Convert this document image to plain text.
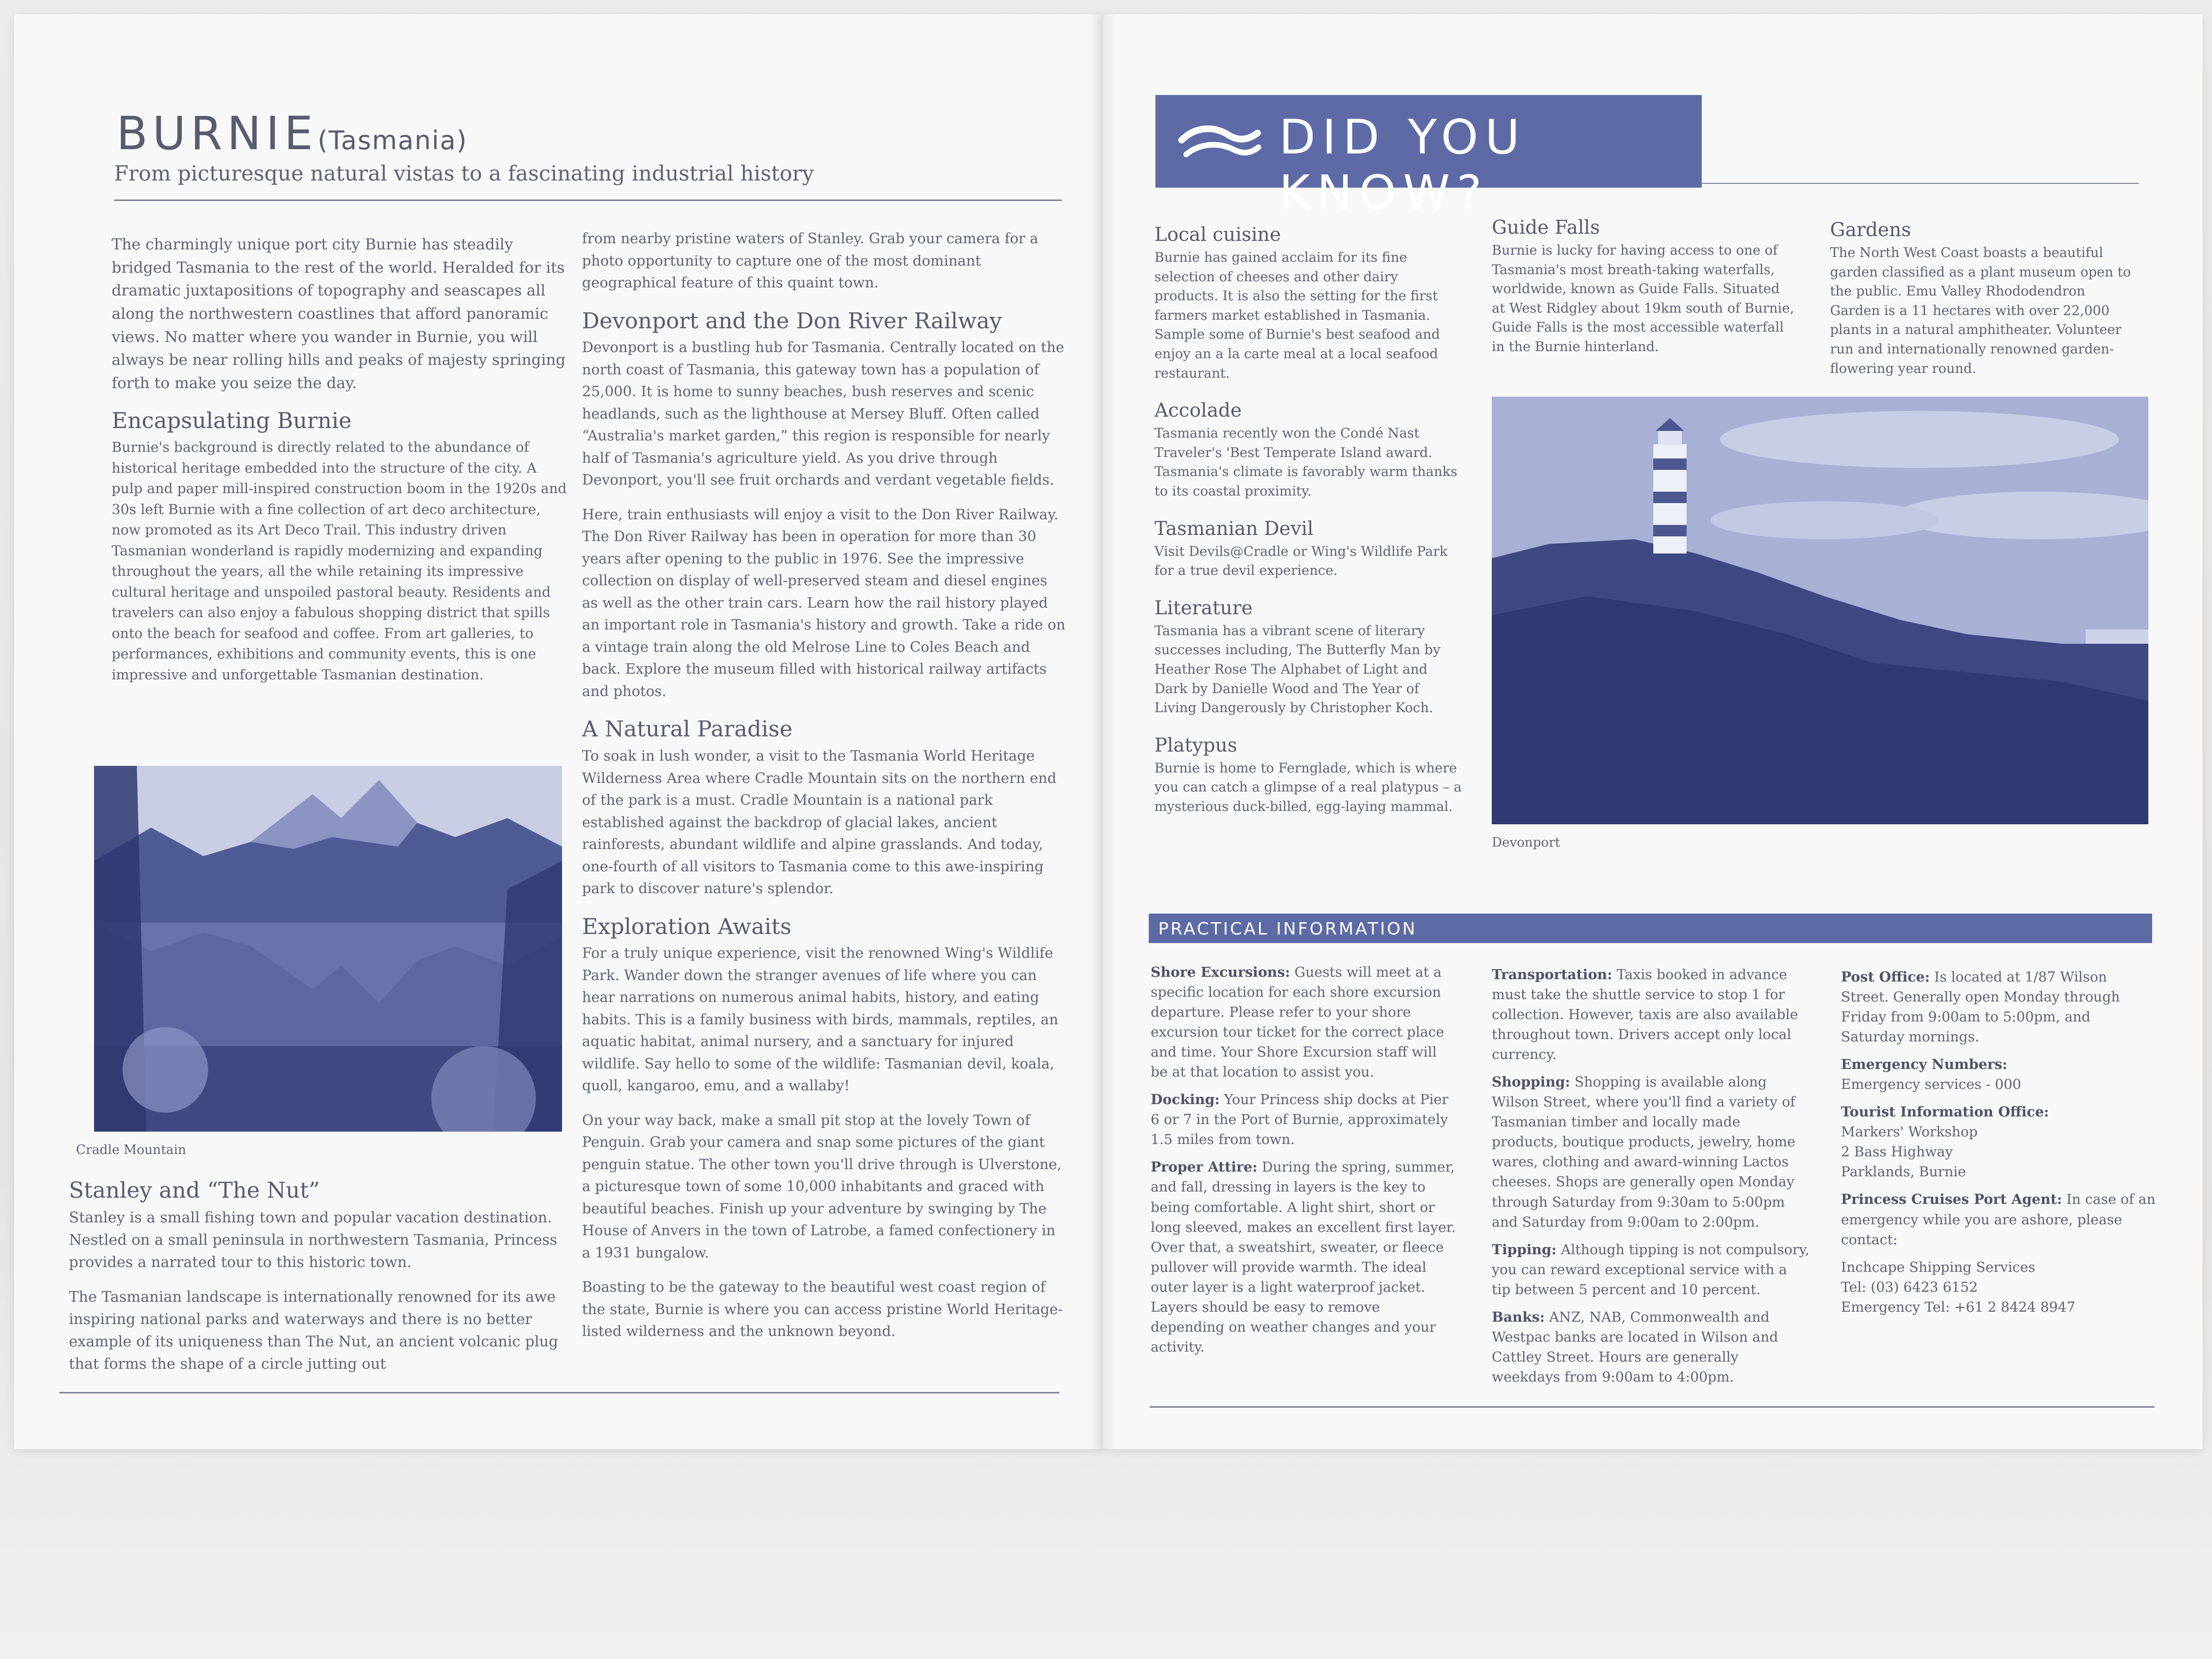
BURNIE(Tasmania)
From picturesque natural vistas to a fascinating industrial history

The charmingly unique port city Burnie has steadily bridged Tasmania to the rest of the world. Heralded for its dramatic juxtapositions of topography and seascapes all along the northwestern coastlines that afford panoramic views. No matter where you wander in Burnie, you will always be near rolling hills and peaks of majesty springing forth to make you seize the day.

Encapsulating Burnie

Burnie's background is directly related to the abundance of historical heritage embedded into the structure of the city. A pulp and paper mill-inspired construction boom in the 1920s and 30s left Burnie with a fine collection of art deco architecture, now promoted as its Art Deco Trail. This industry driven Tasmanian wonderland is rapidly modernizing and expanding throughout the years, all the while retaining its impressive cultural heritage and unspoiled pastoral beauty. Residents and travelers can also enjoy a fabulous shopping district that spills onto the beach for seafood and coffee. From art galleries, to performances, exhibitions and community events, this is one impressive and unforgettable Tasmanian destination.

Cradle Mountain
Stanley and “The Nut”

Stanley is a small fishing town and popular vacation destination. Nestled on a small peninsula in northwestern Tasmania, Princess provides a narrated tour to this historic town.

The Tasmanian landscape is internationally renowned for its awe inspiring national parks and waterways and there is no better example of its uniqueness than The Nut, an ancient volcanic plug that forms the shape of a circle jutting out

from nearby pristine waters of Stanley. Grab your camera for a photo opportunity to capture one of the most dominant geographical feature of this quaint town.

Devonport and the Don River Railway

Devonport is a bustling hub for Tasmania. Centrally located on the north coast of Tasmania, this gateway town has a population of 25,000. It is home to sunny beaches, bush reserves and scenic headlands, such as the lighthouse at Mersey Bluff. Often called “Australia's market garden,” this region is responsible for nearly half of Tasmania's agriculture yield. As you drive through Devonport, you'll see fruit orchards and verdant vegetable fields.

Here, train enthusiasts will enjoy a visit to the Don River Railway. The Don River Railway has been in operation for more than 30 years after opening to the public in 1976. See the impressive collection on display of well-preserved steam and diesel engines as well as the other train cars. Learn how the rail history played an important role in Tasmania's history and growth. Take a ride on a vintage train along the old Melrose Line to Coles Beach and back. Explore the museum filled with historical railway artifacts and photos.

A Natural Paradise

To soak in lush wonder, a visit to the Tasmania World Heritage Wilderness Area where Cradle Mountain sits on the northern end of the park is a must. Cradle Mountain is a national park established against the backdrop of glacial lakes, ancient rainforests, abundant wildlife and alpine grasslands. And today, one-fourth of all visitors to Tasmania come to this awe-inspiring park to discover nature's splendor.

Exploration Awaits

For a truly unique experience, visit the renowned Wing's Wildlife Park. Wander down the stranger avenues of life where you can hear narrations on numerous animal habits, history, and eating habits. This is a family business with birds, mammals, reptiles, an aquatic habitat, animal nursery, and a sanctuary for injured wildlife. Say hello to some of the wildlife: Tasmanian devil, koala, quoll, kangaroo, emu, and a wallaby!

On your way back, make a small pit stop at the lovely Town of Penguin. Grab your camera and snap some pictures of the giant penguin statue. The other town you'll drive through is Ulverstone, a picturesque town of some 10,000 inhabitants and graced with beautiful beaches. Finish up your adventure by swinging by The House of Anvers in the town of Latrobe, a famed confectionery in a 1931 bungalow.

Boasting to be the gateway to the beautiful west coast region of the state, Burnie is where you can access pristine World Heritage-listed wilderness and the unknown beyond.

DID YOU KNOW?
Local cuisine
Burnie has gained acclaim for its fine selection of cheeses and other dairy products. It is also the setting for the first farmers market established in Tasmania. Sample some of Burnie's best seafood and enjoy an a la carte meal at a local seafood restaurant.
Accolade
Tasmania recently won the Condé Nast Traveler's 'Best Temperate Island award. Tasmania's climate is favorably warm thanks to its coastal proximity.
Tasmanian Devil
Visit Devils@Cradle or Wing's Wildlife Park for a true devil experience.
Literature
Tasmania has a vibrant scene of literary successes including, The Butterfly Man by Heather Rose The Alphabet of Light and Dark by Danielle Wood and The Year of Living Dangerously by Christopher Koch.
Platypus
Burnie is home to Fernglade, which is where you can catch a glimpse of a real platypus – a mysterious duck-billed, egg-laying mammal.
Guide Falls
Burnie is lucky for having access to one of Tasmania's most breath-taking waterfalls, worldwide, known as Guide Falls. Situated at West Ridgley about 19km south of Burnie, Guide Falls is the most accessible waterfall in the Burnie hinterland.
Gardens
The North West Coast boasts a beautiful garden classified as a plant museum open to the public. Emu Valley Rhododendron Garden is a 11 hectares with over 22,000 plants in a natural amphitheater. Volunteer run and internationally renowned garden-flowering year round.
Devonport
PRACTICAL INFORMATION

Shore Excursions: Guests will meet at a specific location for each shore excursion departure. Please refer to your shore excursion tour ticket for the correct place and time. Your Shore Excursion staff will be at that location to assist you.

Docking: Your Princess ship docks at Pier 6 or 7 in the Port of Burnie, approximately 1.5 miles from town.

Proper Attire: During the spring, summer, and fall, dressing in layers is the key to being comfortable. A light shirt, short or long sleeved, makes an excellent first layer. Over that, a sweatshirt, sweater, or fleece pullover will provide warmth. The ideal outer layer is a light waterproof jacket. Layers should be easy to remove depending on weather changes and your activity.

Transportation: Taxis booked in advance must take the shuttle service to stop 1 for collection. However, taxis are also available throughout town. Drivers accept only local currency.

Shopping: Shopping is available along Wilson Street, where you'll find a variety of Tasmanian timber and locally made products, boutique products, jewelry, home wares, clothing and award-winning Lactos cheeses. Shops are generally open Monday through Saturday from 9:30am to 5:00pm and Saturday from 9:00am to 2:00pm.

Tipping: Although tipping is not compulsory, you can reward exceptional service with a tip between 5 percent and 10 percent.

Banks: ANZ, NAB, Commonwealth and Westpac banks are located in Wilson and Cattley Street. Hours are generally weekdays from 9:00am to 4:00pm.

Post Office: Is located at 1/87 Wilson Street. Generally open Monday through Friday from 9:00am to 5:00pm, and Saturday mornings.

Emergency Numbers:
Emergency services - 000

Tourist Information Office:
Markers' Workshop
2 Bass Highway
Parklands, Burnie

Princess Cruises Port Agent: In case of an emergency while you are ashore, please contact:

Inchcape Shipping Services
Tel: (03) 6423 6152
Emergency Tel: +61 2 8424 8947
